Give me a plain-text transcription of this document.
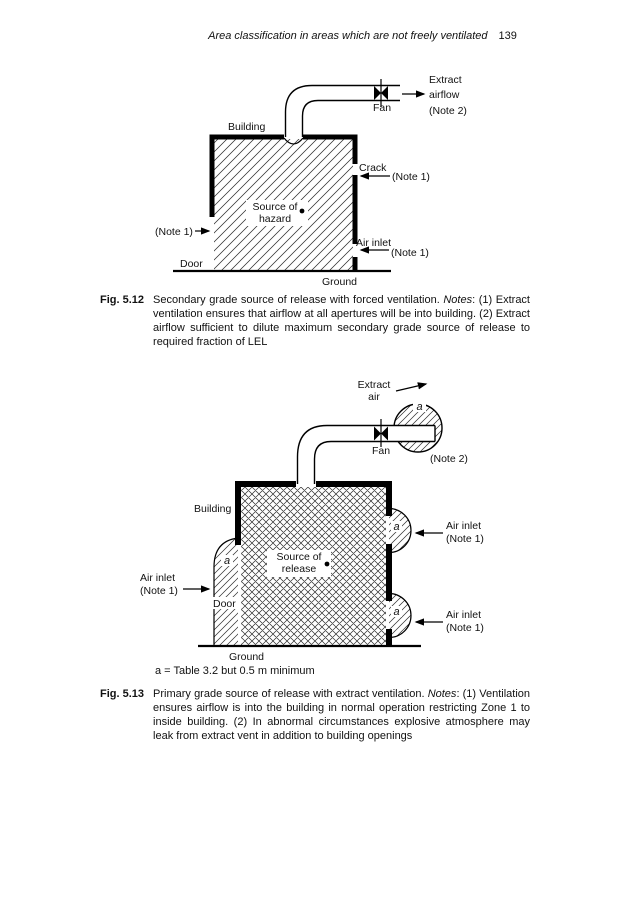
Area classification in areas which are not freely ventilated 139
Extract
airflow
(Note 2)
Fan
Building
Crack
(Note 1)
Source of
hazard
(Note 1)
Air inlet
(Note 1)
Door
Ground
Fig. 5.12 Secondary grade source of release with forced ventilation. Notes: (1) Extract ventilation ensures that airflow at all apertures will be into building. (2) Extract airflow sufficient to dilute maximum secondary grade source of release to required fraction of LEL
a
a
a
a
Extract
air
Fan
(Note 2)
Building
Air inlet
(Note 1)
Air inlet
(Note 1)
Source of
release
Door
Air inlet
(Note 1)
Ground
a = Table 3.2 but 0.5 m minimum
Fig. 5.13 Primary grade source of release with extract ventilation. Notes: (1) Ventilation ensures airflow is into the building in normal operation restricting Zone 1 to inside building. (2) In abnormal circumstances explosive atmosphere may leak from extract vent in addition to building openings
